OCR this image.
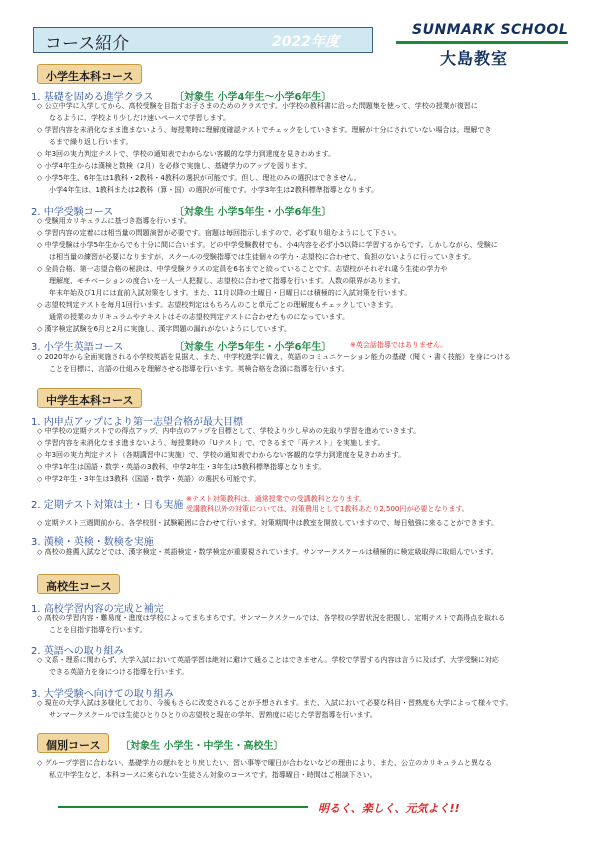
コース紹介	2022年度
SUNMARK SCHOOL
大島教室
小学生本科コース
1. 基礎を固める進学クラス 〔対象生 小学4年生～小学6年生〕
◇ 公立中学に入学してから、高校受験を目指すお子さまのためのクラスです。小学校の教科書に沿った問題集を使って、学校の授業が復習に
なるように、学校より少しだけ速いペースで学習します。
◇ 学習内容を未消化なまま進まないよう、毎授業時に理解度確認テストでチェックをしていきます。理解が十分にされていない場合は、理解でき
るまで繰り返し行います。
◇ 年3回の実力判定テストで、学校の通知表でわからない客観的な学力到達度を見きわめます。
◇ 小学4年生からは漢検と数検（2月）を必修で実施し、基礎学力のアップを図ります。
◇ 小学5年生、6年生は1教科・2教科・4教科の選択が可能です。但し、理社のみの選択はできません。
小学4年生は、1教科または2教科（算・国）の選択が可能です。小学3年生は2教科標準指導となります。
2. 中学受験コース	〔対象生 小学5年生・小学6年生〕
◇ 受験用カリキュラムに基づき指導を行います。
◇ 学習内容の定着には相当量の問題演習が必要です。宿題は毎回指示しますので、必ず取り組むようにして下さい。
◇ 中学受験は小学5年生からでも十分に間に合います。どの中学受験教材でも、小4内容を必ず小5以降に学習するからです。しかしながら、受験に
は相当量の練習が必要になりますが、スクールの受験指導では生徒個々の学力・志望校に合わせて、負担のないように行っていきます。
◇ 全員合格、第一志望合格の秘訣は、中学受験クラスの定員を6名までと絞っていることです。志望校がそれぞれ違う生徒の学力や
理解度、モチベーションの度合いを一人一人把握し、志望校に合わせて指導を行います。人数の限界があります。
年末年始及び1月には直前入試対策をします。また、11月以降の土曜日・日曜日には積極的に入試対策を行います。
◇ 志望校判定テストを毎月1回行います。志望校判定はもちろんのこと単元ごとの理解度もチェックしていきます。
通常の授業のカリキュラムやテキストはその志望校判定テストに合わせたものになっています。
◇ 漢字検定試験を6月と2月に実施し、漢字問題の漏れがないようにしています。
3. 小学生英語コース	〔対象生 小学5年生・小学6年生〕	※英会話指導ではありません。
◇ 2020年から全面実施される小学校英語を見据え、また、中学校進学に備え、英語のコミュニケーション能力の基礎（聞く・書く技能）を身につける
ことを目標に、言語の仕組みを理解させる指導を行います。英検合格を念頭に指導を行います。
中学生本科コース
1. 内申点アップにより第一志望合格が最大目標
◇ 中学校の定期テストでの得点アップ、内申点のアップを目標として、学校より少し早めの先取り学習を進めていきます。
◇ 学習内容を未消化なまま進まないよう、毎授業時の「Uテスト」で、できるまで「再テスト」を実施します。
◇ 年3回の実力判定テスト（各期講習中に実施）で、学校の通知表でわからない客観的な学力到達度を見きわめます。
◇ 中学1年生は国語・数学・英語の3教科、中学2年生・3年生は5教科標準指導となります。
◇ 中学2年生・3年生は3教科（国語・数学・英語）の選択も可能です。
2. 定期テスト対策は土・日も実施
※テスト対策教科は、通常授業での受講教科となります。
受講教科以外の対策については、対策費用として1教科あたり2,500円が必要となります。
◇ 定期テスト三週間前から、各学校別・試験範囲に合わせて行います。対策期間中は教室を開放していますので、毎日勉強に来ることができます。
3. 漢検・英検・数検を実施
◇ 高校の推薦入試などでは、漢字検定・英語検定・数学検定が重要視されています。サンマークスクールは積極的に検定級取得に取組んでいます。
高校生コース
1. 高校学習内容の完成と補完
◇ 高校の学習内容・難易度・進度は学校によってまちまちです。サンマークスクールでは、各学校の学習状況を把握し、定期テストで高得点を取れる
ことを目指す指導を行います。
2. 英語への取り組み
◇ 文系・理系に関わらず、大学入試において英語学習は絶対に避けて通ることはできません。学校で学習する内容は言うに及ばず、大学受験に対応
できる英語力を身につける指導を行います。
3. 大学受験へ向けての取り組み
◇ 現在の大学入試は多様化しており、今後もさらに改変されることが予想されます。また、入試において必要な科目・習熟度も大学によって様々です。
サンマークスクールでは生徒ひとりひとりの志望校と現在の学年、習熟度に応じた学習指導を行います。
個別コース	〔対象生 小学生・中学生・高校生〕
◇ グループ学習に合わない、基礎学力の遅れをとり戻したい、習い事等で曜日が合わないなどの理由により、また、公立のカリキュラムと異なる
私立中学生など、本科コースに来られない生徒さん対象のコースです。指導曜日・時間はご相談下さい。
明るく、楽しく、元気よく!!
